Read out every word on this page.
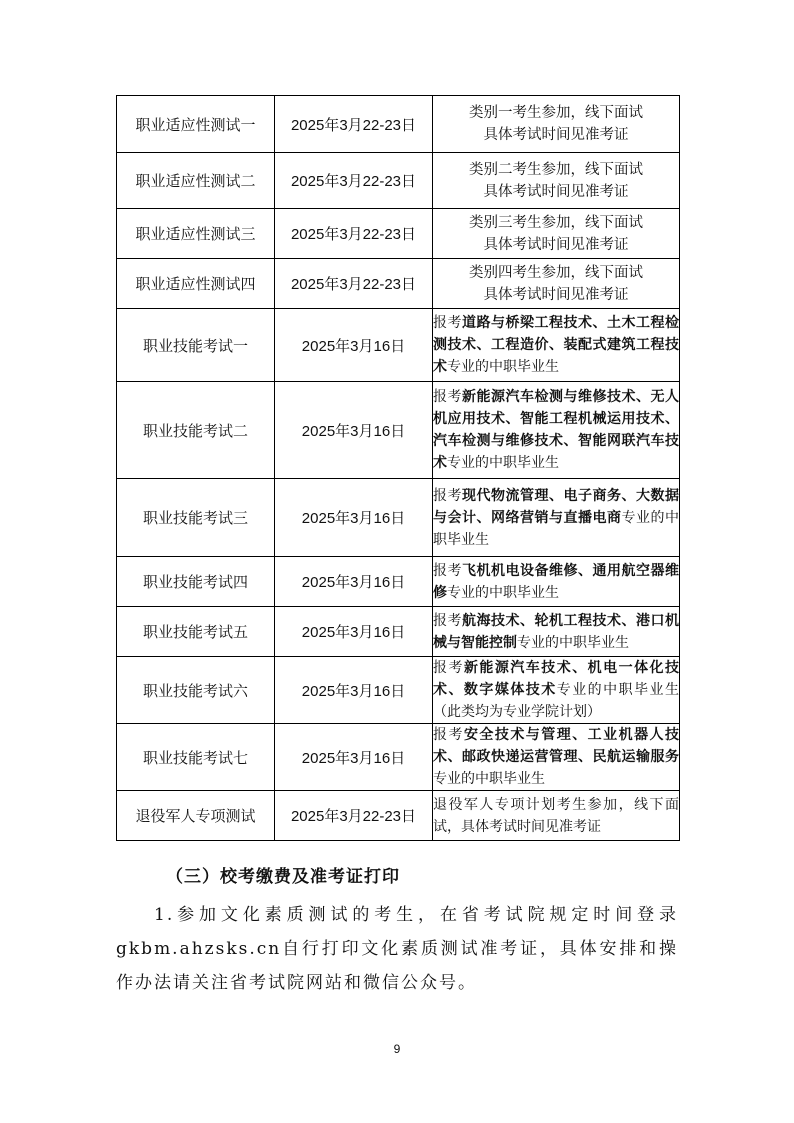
职业适应性测试一	2025年3月22-23日	类别一考生参加，线下面试
具体考试时间见准考证

职业适应性测试二	2025年3月22-23日	类别二考生参加，线下面试
具体考试时间见准考证

职业适应性测试三	2025年3月22-23日	类别三考生参加，线下面试
具体考试时间见准考证

职业适应性测试四	2025年3月22-23日	类别四考生参加，线下面试
具体考试时间见准考证

职业技能考试一	2025年3月16日	报考道路与桥梁工程技术、土木工程检测技术、工程造价、装配式建筑工程技术专业的中职毕业生
职业技能考试二	2025年3月16日	报考新能源汽车检测与维修技术、无人机应用技术、智能工程机械运用技术、汽车检测与维修技术、智能网联汽车技术专业的中职毕业生
职业技能考试三	2025年3月16日	报考现代物流管理、电子商务、大数据与会计、网络营销与直播电商专业的中职毕业生
职业技能考试四	2025年3月16日	报考飞机机电设备维修、通用航空器维修专业的中职毕业生
职业技能考试五	2025年3月16日	报考航海技术、轮机工程技术、港口机械与智能控制专业的中职毕业生
职业技能考试六	2025年3月16日	报考新能源汽车技术、机电一体化技术、数字媒体技术专业的中职毕业生（此类均为专业学院计划）
职业技能考试七	2025年3月16日	报考安全技术与管理、工业机器人技术、邮政快递运营管理、民航运输服务专业的中职毕业生
退役军人专项测试	2025年3月22-23日	退役军人专项计划考生参加，线下面试，具体考试时间见准考证
（三）校考缴费及准考证打印
1.参加文化素质测试的考生，在省考试院规定时间登录gkbm.ahzsks.cn自行打印文化素质测试准考证，具体安排和操作办法请关注省考试院网站和微信公众号。
9
